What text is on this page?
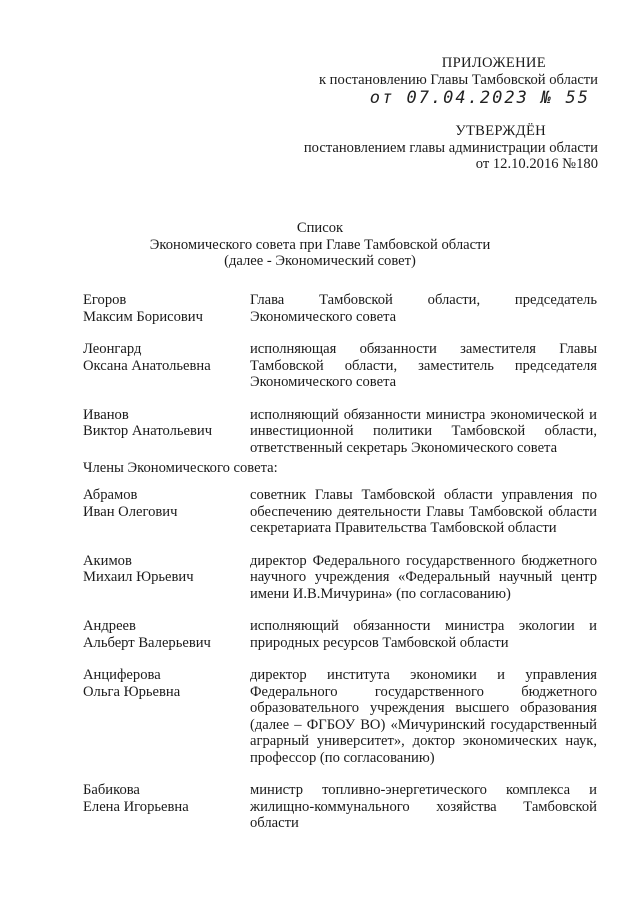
ПРИЛОЖЕНИЕ
к постановлению Главы Тамбовской области
от 07.04.2023 № 55
УТВЕРЖДЁН
постановлением главы администрации области
от 12.10.2016 №180
Список
Экономического совета при Главе Тамбовской области
(далее - Экономический совет)
Егоров
Максим Борисович
Глава Тамбовской области, председатель Экономического совета
Леонгард
Оксана Анатольевна
исполняющая обязанности заместителя Главы Тамбовской области, заместитель председателя Экономического совета
Иванов
Виктор Анатольевич
исполняющий обязанности министра экономической и инвестиционной политики Тамбовской области, ответственный секретарь Экономического совета
Члены Экономического совета:
Абрамов
Иван Олегович
советник Главы Тамбовской области управления по обеспечению деятельности Главы Тамбовской области секретариата Правительства Тамбовской области
Акимов
Михаил Юрьевич
директор Федерального государственного бюджетного научного учреждения «Федеральный научный центр имени И.В.Мичурина» (по согласованию)
Андреев
Альберт Валерьевич
исполняющий обязанности министра экологии и природных ресурсов Тамбовской области
Анциферова
Ольга Юрьевна
директор института экономики и управления Федерального государственного бюджетного образовательного учреждения высшего образования (далее – ФГБОУ ВО) «Мичуринский государственный аграрный университет», доктор экономических наук, профессор (по согласованию)
Бабикова
Елена Игорьевна
министр топливно-энергетического комплекса и жилищно-коммунального хозяйства Тамбовской области
